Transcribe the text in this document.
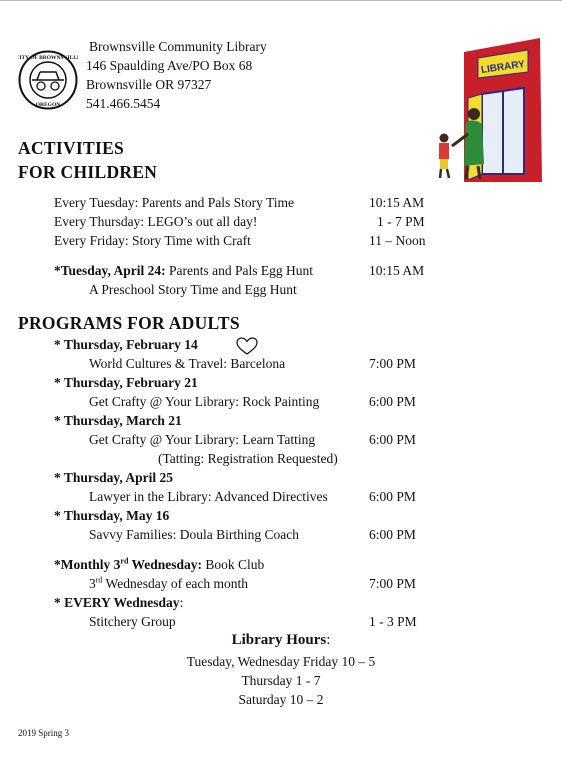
CITY OF BROWNSVILLE
OREGON
Brownsville Community Library
146 Spaulding Ave/PO Box 68
Brownsville OR 97327
541.466.5454
LIBRARY
ACTIVITIES
FOR CHILDREN
Every Tuesday: Parents and Pals Story Time	10:15 AM
Every Thursday: LEGO’s out all day!	1 - 7 PM
Every Friday: Story Time with Craft	11 – Noon
*Tuesday, April 24: Parents and Pals Egg Hunt	10:15 AM
A Preschool Story Time and Egg Hunt
PROGRAMS FOR ADULTS
* Thursday, February 14
World Cultures & Travel: Barcelona	7:00 PM
* Thursday, February 21
Get Crafty @ Your Library: Rock Painting	6:00 PM
* Thursday, March 21
Get Crafty @ Your Library: Learn Tatting	6:00 PM
(Tatting: Registration Requested)
* Thursday, April 25
Lawyer in the Library: Advanced Directives	6:00 PM
* Thursday, May 16
Savvy Families: Doula Birthing Coach	6:00 PM
*Monthly 3rd Wednesday: Book Club
3rd Wednesday of each month	7:00 PM
* EVERY Wednesday:
Stitchery Group	1 - 3 PM
Library Hours:
Tuesday, Wednesday Friday 10 – 5
Thursday 1 - 7
Saturday 10 – 2
2019 Spring 3
